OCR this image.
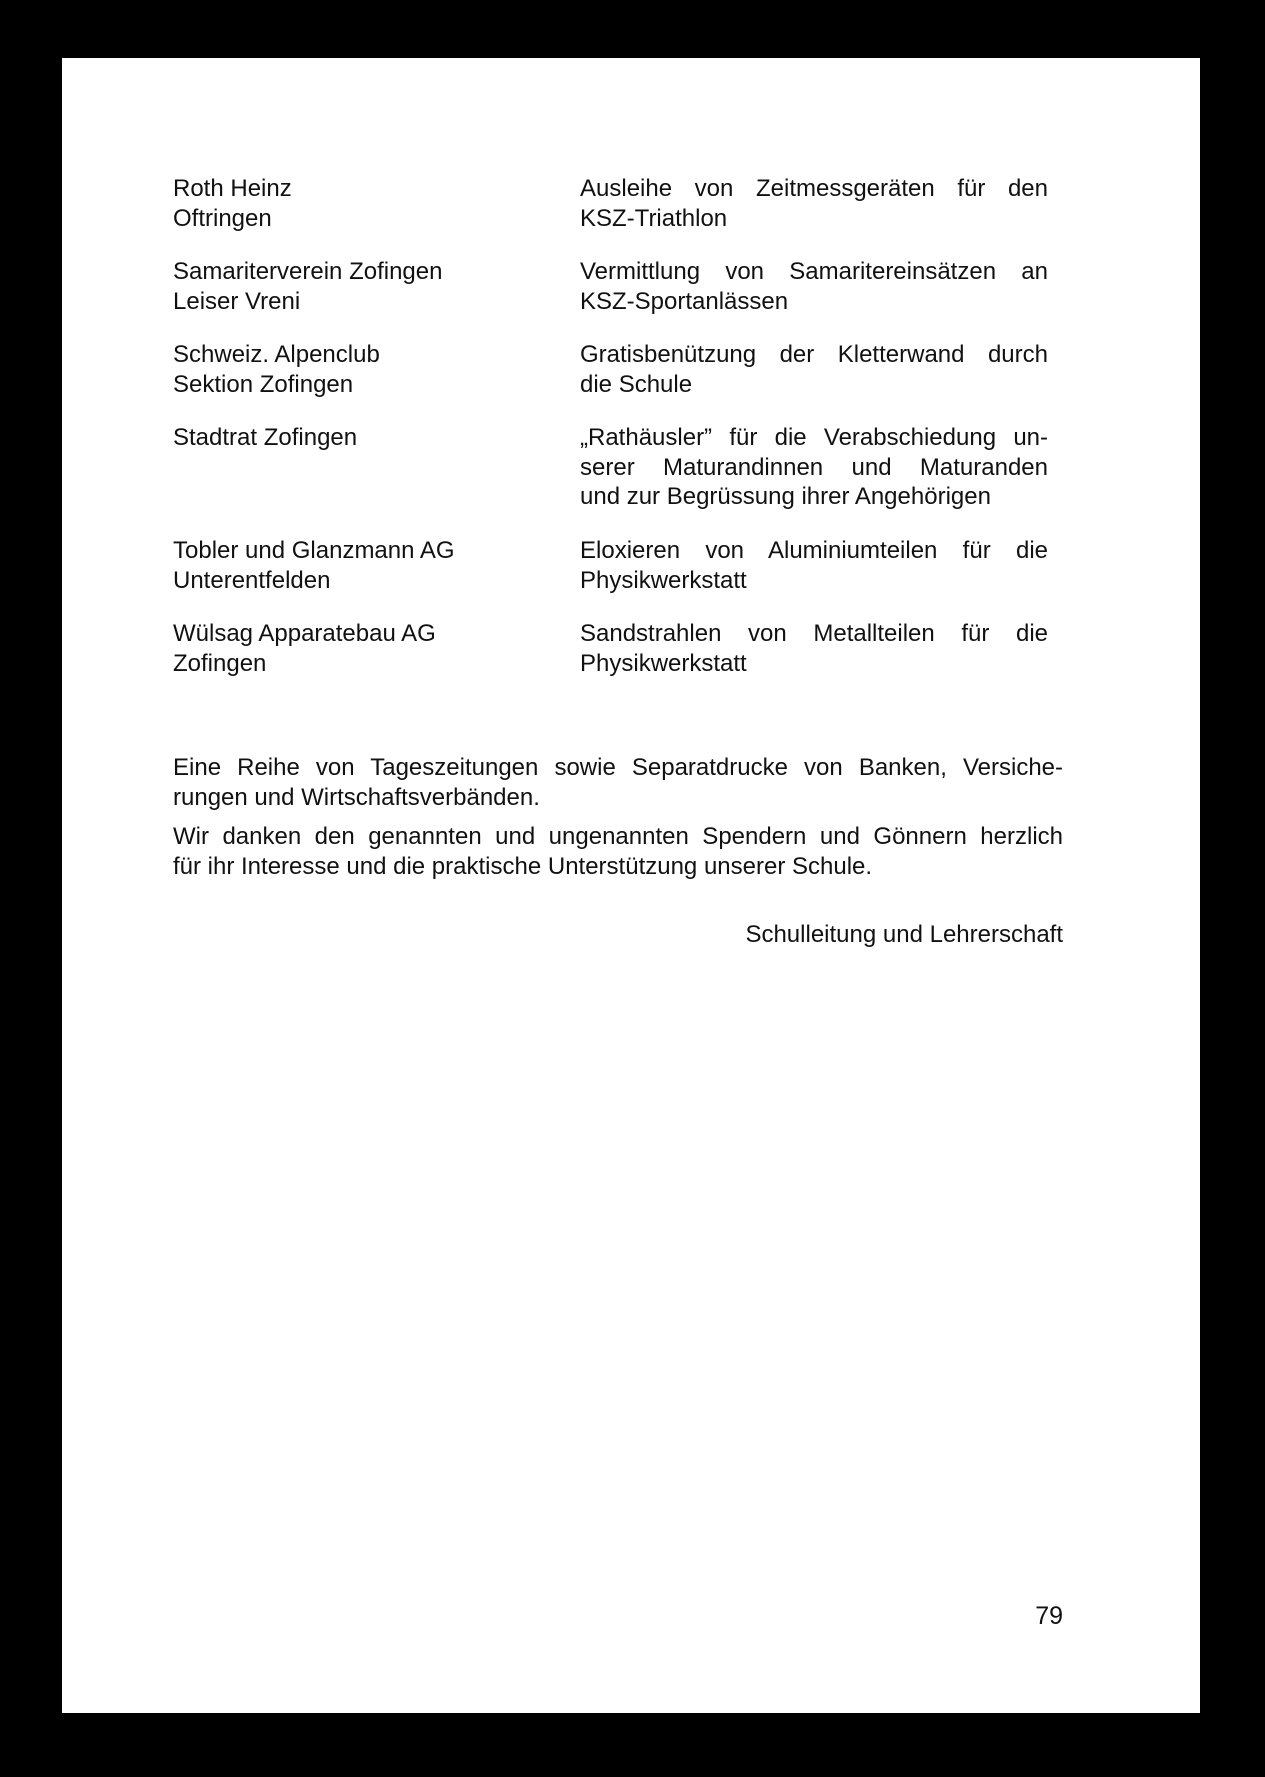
Roth Heinz
Oftringen
Ausleihe von Zeitmessgeräten für den
KSZ-Triathlon
Samariterverein Zofingen
Leiser Vreni
Vermittlung von Samaritereinsätzen an
KSZ-Sportanlässen
Schweiz. Alpenclub
Sektion Zofingen
Gratisbenützung der Kletterwand durch
die Schule
Stadtrat Zofingen	„Rathäusler” für die Verabschiedung un-
serer Maturandinnen und Maturanden
und zur Begrüssung ihrer Angehörigen
Tobler und Glanzmann AG
Unterentfelden
Eloxieren von Aluminiumteilen für die
Physikwerkstatt
Wülsag Apparatebau AG
Zofingen
Sandstrahlen von Metallteilen für die
Physikwerkstatt
Eine Reihe von Tageszeitungen sowie Separatdrucke von Banken, Versiche-
rungen und Wirtschaftsverbänden.
Wir danken den genannten und ungenannten Spendern und Gönnern herzlich
für ihr Interesse und die praktische Unterstützung unserer Schule.
Schulleitung und Lehrerschaft
79
